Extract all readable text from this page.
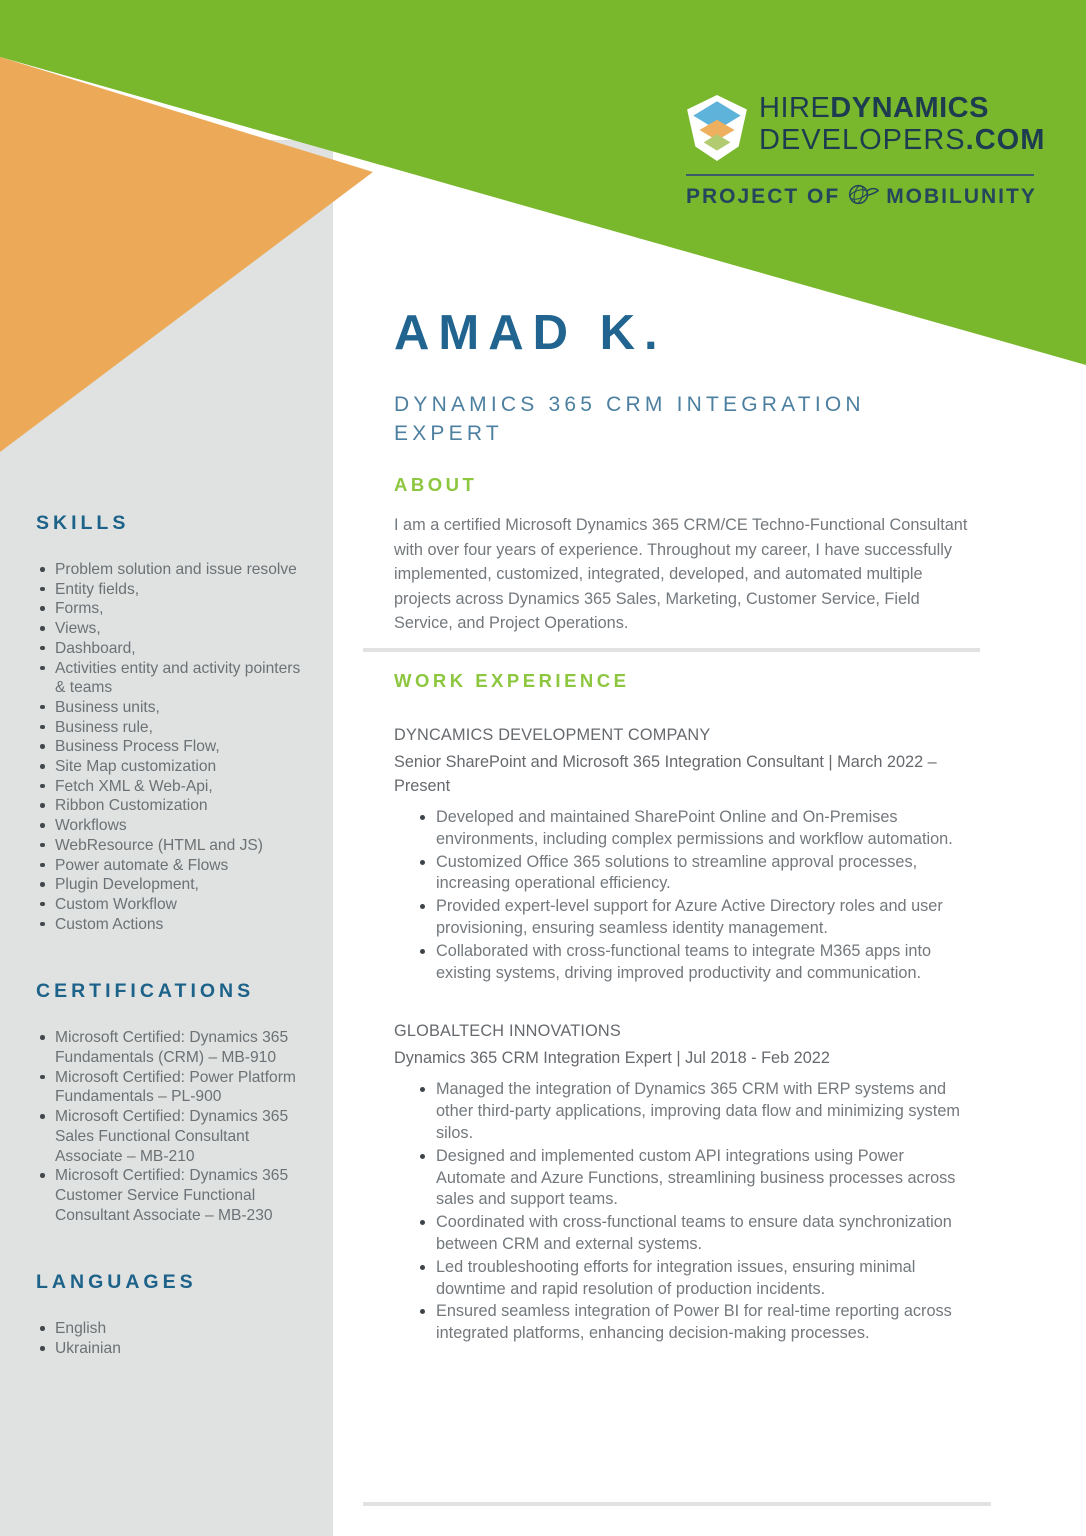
HIREDYNAMICS
DEVELOPERS.COM
PROJECT OF MOBILUNITY
SKILLS
Problem solution and issue resolve
Entity fields,
Forms,
Views,
Dashboard,
Activities entity and activity pointers & teams
Business units,
Business rule,
Business Process Flow,
Site Map customization
Fetch XML & Web-Api,
Ribbon Customization
Workflows
WebResource (HTML and JS)
Power automate & Flows
Plugin Development,
Custom Workflow
Custom Actions
CERTIFICATIONS
Microsoft Certified: Dynamics 365 Fundamentals (CRM) – MB-910
Microsoft Certified: Power Platform Fundamentals – PL-900
Microsoft Certified: Dynamics 365 Sales Functional Consultant Associate – MB-210
Microsoft Certified: Dynamics 365 Customer Service Functional Consultant Associate – MB-230
LANGUAGES
English
Ukrainian
AMAD K.
DYNAMICS 365 CRM INTEGRATION EXPERT
ABOUT
I am a certified Microsoft Dynamics 365 CRM/CE Techno-Functional Consultant with over four years of experience. Throughout my career, I have successfully implemented, customized, integrated, developed, and automated multiple projects across Dynamics 365 Sales, Marketing, Customer Service, Field Service, and Project Operations.
WORK EXPERIENCE
DYNCAMICS DEVELOPMENT COMPANY
Senior SharePoint and Microsoft 365 Integration Consultant | March 2022 – Present
Developed and maintained SharePoint Online and On-Premises environments, including complex permissions and workflow automation.
Customized Office 365 solutions to streamline approval processes, increasing operational efficiency.
Provided expert-level support for Azure Active Directory roles and user provisioning, ensuring seamless identity management.
Collaborated with cross-functional teams to integrate M365 apps into existing systems, driving improved productivity and communication.
GLOBALTECH INNOVATIONS
Dynamics 365 CRM Integration Expert | Jul 2018 - Feb 2022
Managed the integration of Dynamics 365 CRM with ERP systems and other third-party applications, improving data flow and minimizing system silos.
Designed and implemented custom API integrations using Power Automate and Azure Functions, streamlining business processes across sales and support teams.
Coordinated with cross-functional teams to ensure data synchronization between CRM and external systems.
Led troubleshooting efforts for integration issues, ensuring minimal downtime and rapid resolution of production incidents.
Ensured seamless integration of Power BI for real-time reporting across integrated platforms, enhancing decision-making processes.
